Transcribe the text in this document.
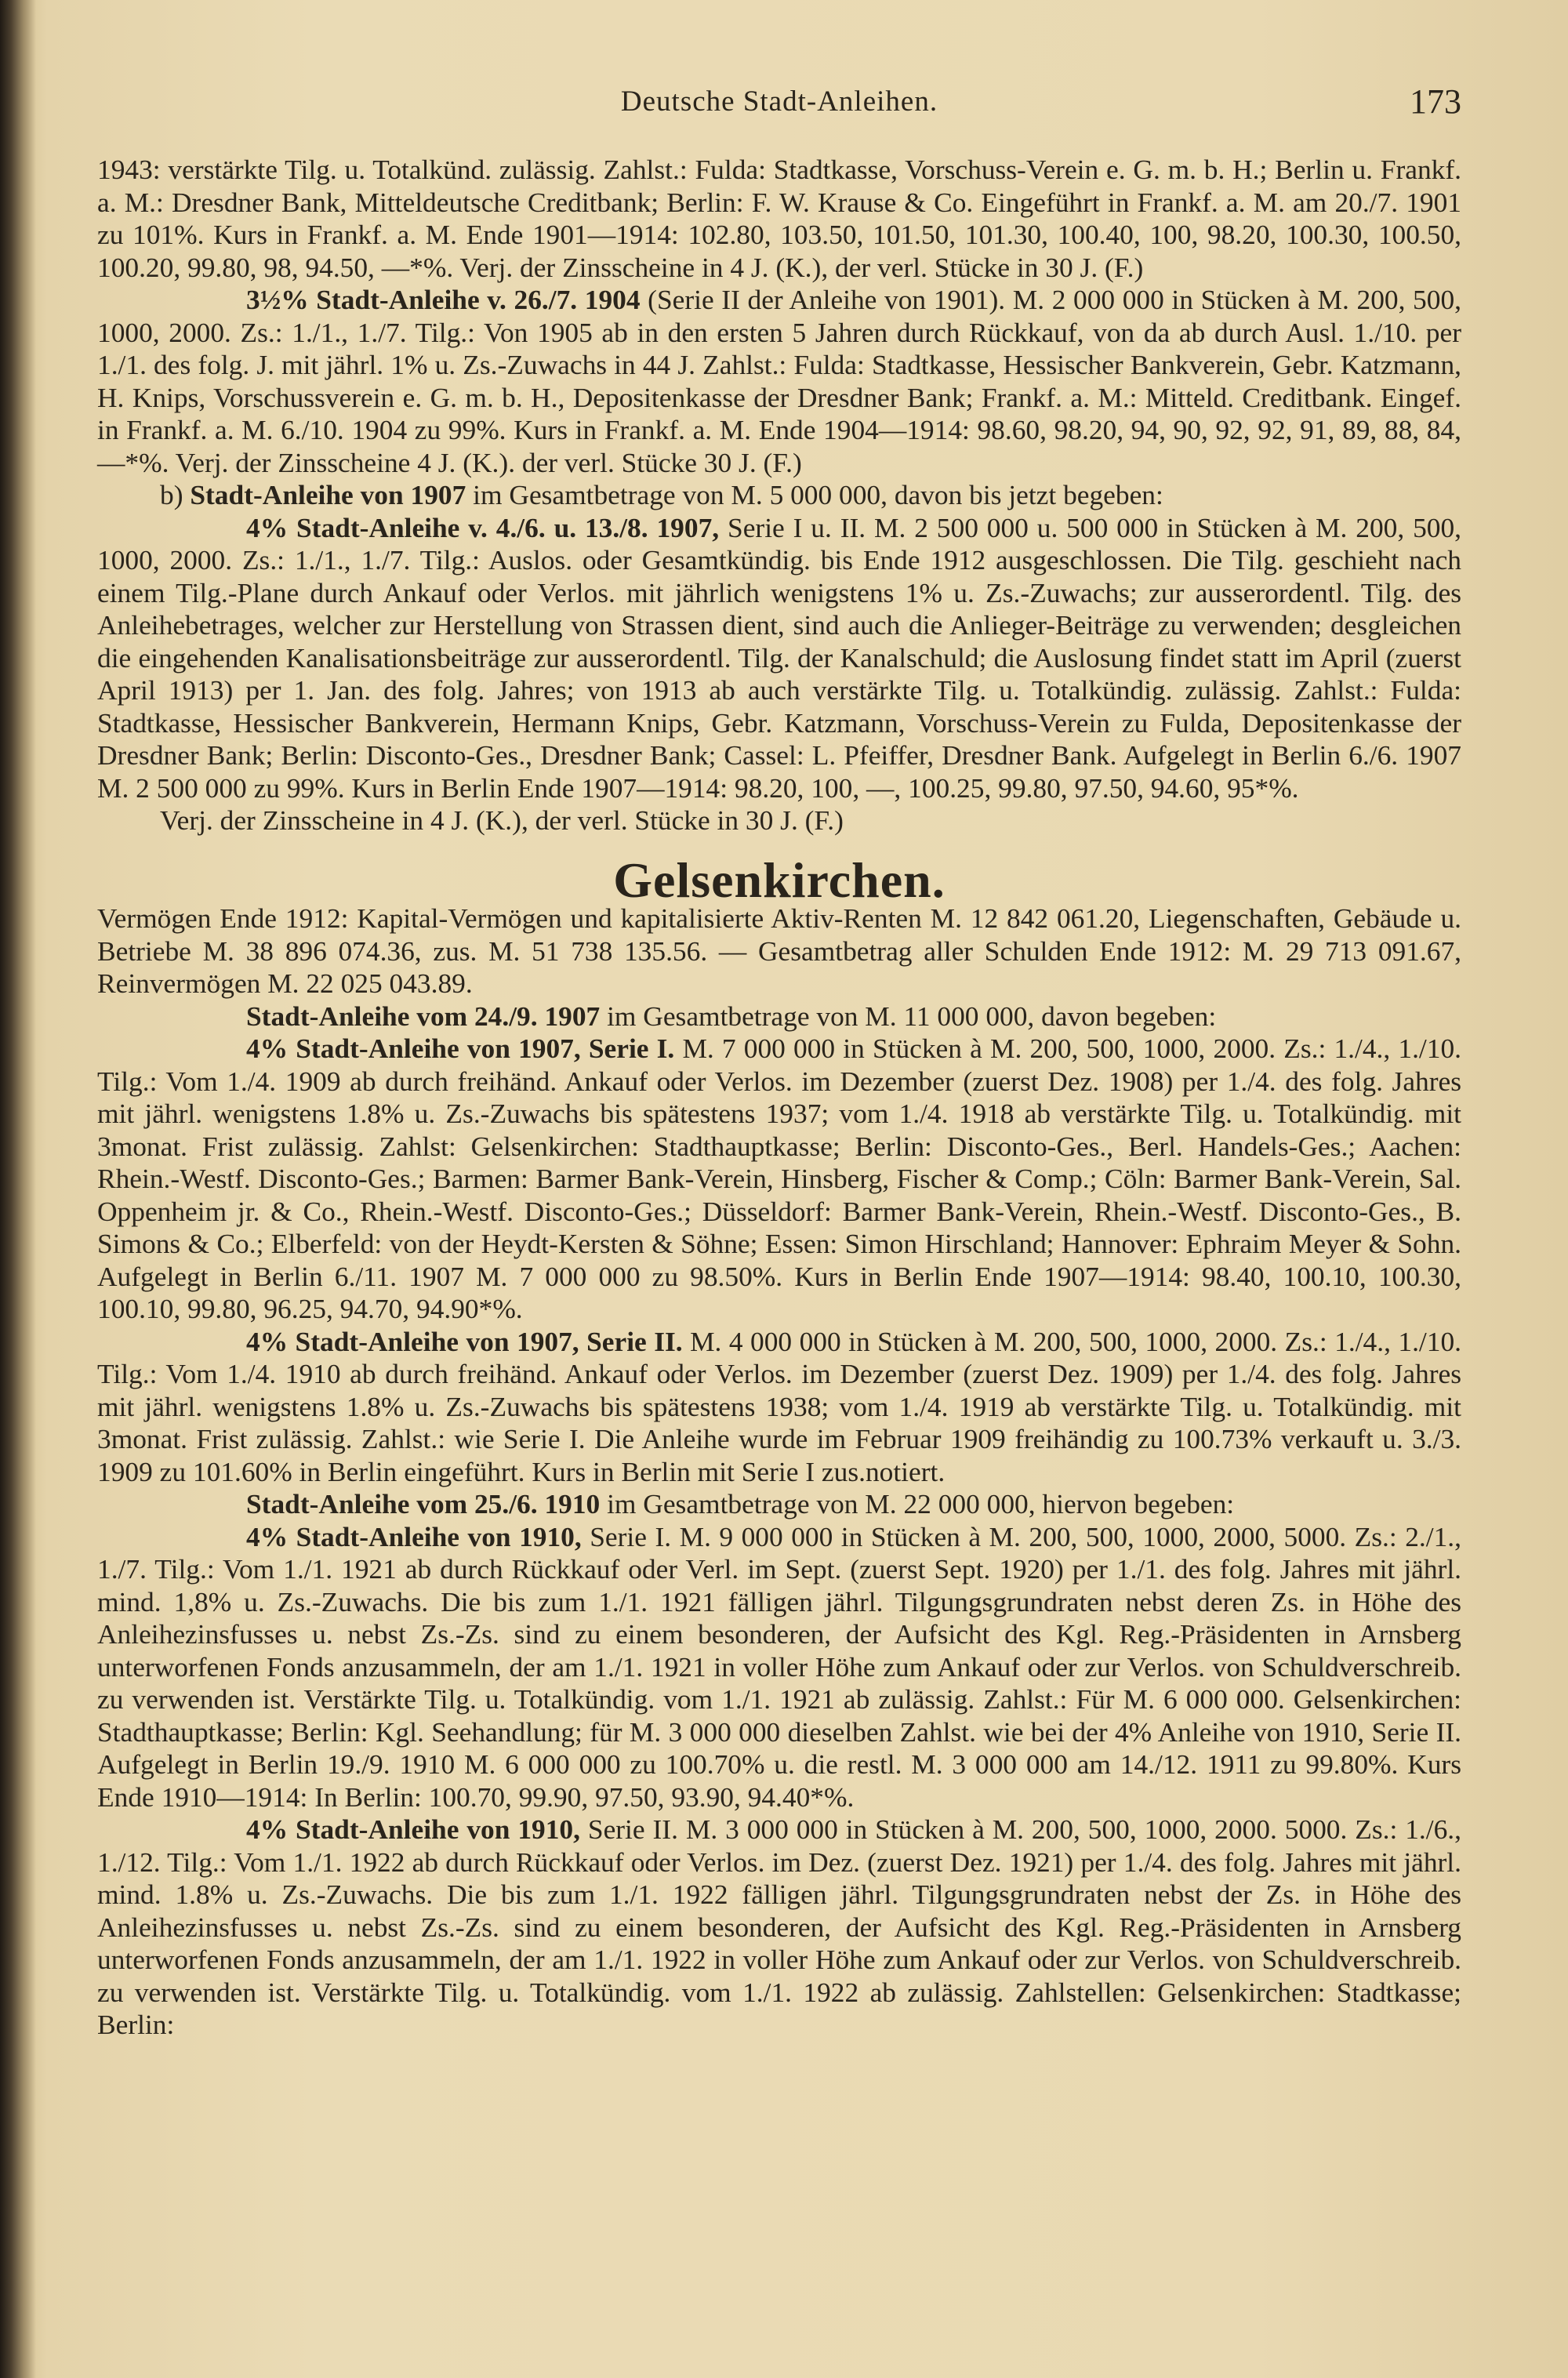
Deutsche Stadt-Anleihen.	173

1943: verstärkte Tilg. u. Totalkünd. zulässig. Zahlst.: Fulda: Stadtkasse, Vorschuss-Verein e. G. m. b. H.; Berlin u. Frankf. a. M.: Dresdner Bank, Mitteldeutsche Creditbank; Berlin: F. W. Krause & Co. Eingeführt in Frankf. a. M. am 20./7. 1901 zu 101%. Kurs in Frankf. a. M. Ende 1901—1914: 102.80, 103.50, 101.50, 101.30, 100.40, 100, 98.20, 100.30, 100.50, 100.20, 99.80, 98, 94.50, —*%. Verj. der Zinsscheine in 4 J. (K.), der verl. Stücke in 30 J. (F.)

3½% Stadt-Anleihe v. 26./7. 1904 (Serie II der Anleihe von 1901). M. 2 000 000 in Stücken à M. 200, 500, 1000, 2000. Zs.: 1./1., 1./7. Tilg.: Von 1905 ab in den ersten 5 Jahren durch Rückkauf, von da ab durch Ausl. 1./10. per 1./1. des folg. J. mit jährl. 1% u. Zs.-Zuwachs in 44 J. Zahlst.: Fulda: Stadtkasse, Hessischer Bankverein, Gebr. Katzmann, H. Knips, Vorschussverein e. G. m. b. H., Depositenkasse der Dresdner Bank; Frankf. a. M.: Mitteld. Creditbank. Eingef. in Frankf. a. M. 6./10. 1904 zu 99%. Kurs in Frankf. a. M. Ende 1904—1914: 98.60, 98.20, 94, 90, 92, 92, 91, 89, 88, 84, —*%. Verj. der Zinsscheine 4 J. (K.). der verl. Stücke 30 J. (F.)

b) Stadt-Anleihe von 1907 im Gesamtbetrage von M. 5 000 000, davon bis jetzt begeben:

4% Stadt-Anleihe v. 4./6. u. 13./8. 1907, Serie I u. II. M. 2 500 000 u. 500 000 in Stücken à M. 200, 500, 1000, 2000. Zs.: 1./1., 1./7. Tilg.: Auslos. oder Gesamtkündig. bis Ende 1912 ausgeschlossen. Die Tilg. geschieht nach einem Tilg.-Plane durch Ankauf oder Verlos. mit jährlich wenigstens 1% u. Zs.-Zuwachs; zur ausserordentl. Tilg. des Anleihebetrages, welcher zur Herstellung von Strassen dient, sind auch die Anlieger-Beiträge zu verwenden; desgleichen die eingehenden Kanalisationsbeiträge zur ausserordentl. Tilg. der Kanalschuld; die Auslosung findet statt im April (zuerst April 1913) per 1. Jan. des folg. Jahres; von 1913 ab auch verstärkte Tilg. u. Totalkündig. zulässig. Zahlst.: Fulda: Stadtkasse, Hessischer Bankverein, Hermann Knips, Gebr. Katzmann, Vorschuss-Verein zu Fulda, Depositenkasse der Dresdner Bank; Berlin: Disconto-Ges., Dresdner Bank; Cassel: L. Pfeiffer, Dresdner Bank. Aufgelegt in Berlin 6./6. 1907 M. 2 500 000 zu 99%. Kurs in Berlin Ende 1907—1914: 98.20, 100, —, 100.25, 99.80, 97.50, 94.60, 95*%.

Verj. der Zinsscheine in 4 J. (K.), der verl. Stücke in 30 J. (F.)

Gelsenkirchen.

Vermögen Ende 1912: Kapital-Vermögen und kapitalisierte Aktiv-Renten M. 12 842 061.20, Liegenschaften, Gebäude u. Betriebe M. 38 896 074.36, zus. M. 51 738 135.56. — Gesamtbetrag aller Schulden Ende 1912: M. 29 713 091.67, Reinvermögen M. 22 025 043.89.

Stadt-Anleihe vom 24./9. 1907 im Gesamtbetrage von M. 11 000 000, davon begeben:

4% Stadt-Anleihe von 1907, Serie I. M. 7 000 000 in Stücken à M. 200, 500, 1000, 2000. Zs.: 1./4., 1./10. Tilg.: Vom 1./4. 1909 ab durch freihänd. Ankauf oder Verlos. im Dezember (zuerst Dez. 1908) per 1./4. des folg. Jahres mit jährl. wenigstens 1.8% u. Zs.-Zuwachs bis spätestens 1937; vom 1./4. 1918 ab verstärkte Tilg. u. Totalkündig. mit 3monat. Frist zulässig. Zahlst: Gelsenkirchen: Stadthauptkasse; Berlin: Disconto-Ges., Berl. Handels-Ges.; Aachen: Rhein.-Westf. Disconto-Ges.; Barmen: Barmer Bank-Verein, Hinsberg, Fischer & Comp.; Cöln: Barmer Bank-Verein, Sal. Oppenheim jr. & Co., Rhein.-Westf. Disconto-Ges.; Düsseldorf: Barmer Bank-Verein, Rhein.-Westf. Disconto-Ges., B. Simons & Co.; Elberfeld: von der Heydt-Kersten & Söhne; Essen: Simon Hirschland; Hannover: Ephraim Meyer & Sohn. Aufgelegt in Berlin 6./11. 1907 M. 7 000 000 zu 98.50%. Kurs in Berlin Ende 1907—1914: 98.40, 100.10, 100.30, 100.10, 99.80, 96.25, 94.70, 94.90*%.

4% Stadt-Anleihe von 1907, Serie II. M. 4 000 000 in Stücken à M. 200, 500, 1000, 2000. Zs.: 1./4., 1./10. Tilg.: Vom 1./4. 1910 ab durch freihänd. Ankauf oder Verlos. im Dezember (zuerst Dez. 1909) per 1./4. des folg. Jahres mit jährl. wenigstens 1.8% u. Zs.-Zuwachs bis spätestens 1938; vom 1./4. 1919 ab verstärkte Tilg. u. Totalkündig. mit 3monat. Frist zulässig. Zahlst.: wie Serie I. Die Anleihe wurde im Februar 1909 freihändig zu 100.73% verkauft u. 3./3. 1909 zu 101.60% in Berlin eingeführt. Kurs in Berlin mit Serie I zus.notiert.

Stadt-Anleihe vom 25./6. 1910 im Gesamtbetrage von M. 22 000 000, hiervon begeben:

4% Stadt-Anleihe von 1910, Serie I. M. 9 000 000 in Stücken à M. 200, 500, 1000, 2000, 5000. Zs.: 2./1., 1./7. Tilg.: Vom 1./1. 1921 ab durch Rückkauf oder Verl. im Sept. (zuerst Sept. 1920) per 1./1. des folg. Jahres mit jährl. mind. 1,8% u. Zs.-Zuwachs. Die bis zum 1./1. 1921 fälligen jährl. Tilgungsgrundraten nebst deren Zs. in Höhe des Anleihezinsfusses u. nebst Zs.-Zs. sind zu einem besonderen, der Aufsicht des Kgl. Reg.-Präsidenten in Arnsberg unterworfenen Fonds anzusammeln, der am 1./1. 1921 in voller Höhe zum Ankauf oder zur Verlos. von Schuldverschreib. zu verwenden ist. Verstärkte Tilg. u. Totalkündig. vom 1./1. 1921 ab zulässig. Zahlst.: Für M. 6 000 000. Gelsenkirchen: Stadthauptkasse; Berlin: Kgl. Seehandlung; für M. 3 000 000 dieselben Zahlst. wie bei der 4% Anleihe von 1910, Serie II. Aufgelegt in Berlin 19./9. 1910 M. 6 000 000 zu 100.70% u. die restl. M. 3 000 000 am 14./12. 1911 zu 99.80%. Kurs Ende 1910—1914: In Berlin: 100.70, 99.90, 97.50, 93.90, 94.40*%.

4% Stadt-Anleihe von 1910, Serie II. M. 3 000 000 in Stücken à M. 200, 500, 1000, 2000. 5000. Zs.: 1./6., 1./12. Tilg.: Vom 1./1. 1922 ab durch Rückkauf oder Verlos. im Dez. (zuerst Dez. 1921) per 1./4. des folg. Jahres mit jährl. mind. 1.8% u. Zs.-Zuwachs. Die bis zum 1./1. 1922 fälligen jährl. Tilgungsgrundraten nebst der Zs. in Höhe des Anleihezinsfusses u. nebst Zs.-Zs. sind zu einem besonderen, der Aufsicht des Kgl. Reg.-Präsidenten in Arnsberg unterworfenen Fonds anzusammeln, der am 1./1. 1922 in voller Höhe zum Ankauf oder zur Verlos. von Schuldverschreib. zu verwenden ist. Verstärkte Tilg. u. Totalkündig. vom 1./1. 1922 ab zulässig. Zahlstellen: Gelsenkirchen: Stadtkasse; Berlin:
